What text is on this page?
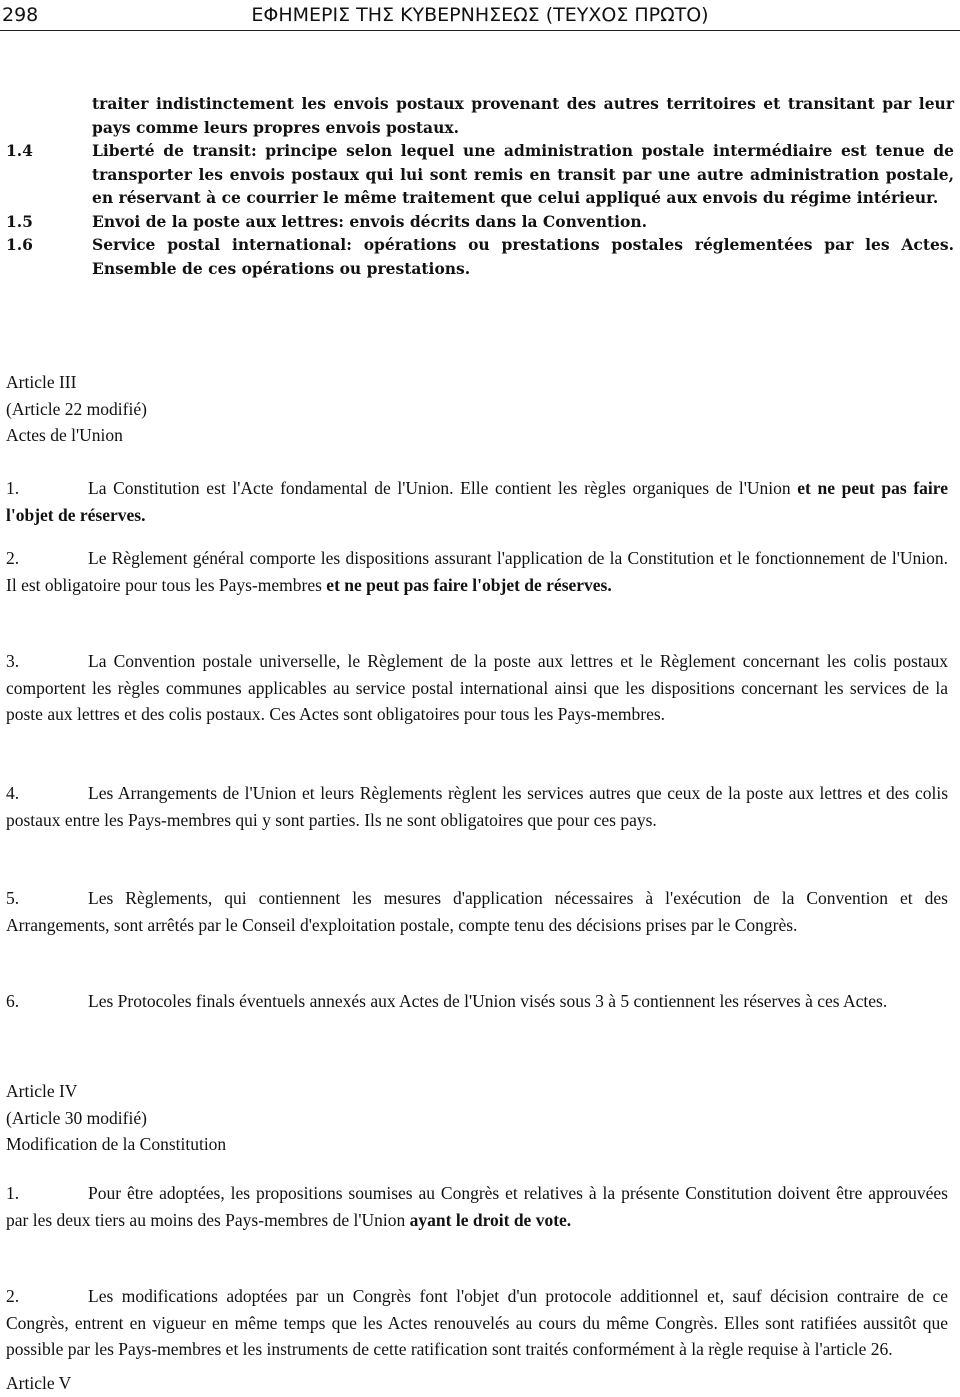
298	ΕΦΗΜΕΡΙΣ ΤΗΣ ΚΥΒΕΡΝΗΣΕΩΣ (ΤΕΥΧΟΣ ΠΡΩΤΟ)
traiter indistinctement les envois postaux provenant des autres territoires et transitant par leur pays comme leurs propres envois postaux.
1.4	Liberté de transit: principe selon lequel une administration postale intermédiaire est tenue de transporter les envois postaux qui lui sont remis en transit par une autre administration postale, en réservant à ce courrier le même traitement que celui appliqué aux envois du régime intérieur.
1.5	Envoi de la poste aux lettres: envois décrits dans la Convention.
1.6	Service postal international: opérations ou prestations postales réglementées par les Actes. Ensemble de ces opérations ou prestations.
Article III
(Article 22 modifié)
Actes de l'Union
1.	La Constitution est l'Acte fondamental de l'Union. Elle contient les règles organiques de l'Union et ne peut pas faire l'objet de réserves.
2.	Le Règlement général comporte les dispositions assurant l'application de la Constitution et le fonctionnement de l'Union. Il est obligatoire pour tous les Pays-membres et ne peut pas faire l'objet de réserves.
3.	La Convention postale universelle, le Règlement de la poste aux lettres et le Règlement concernant les colis postaux comportent les règles communes applicables au service postal international ainsi que les dispositions concernant les services de la poste aux lettres et des colis postaux. Ces Actes sont obligatoires pour tous les Pays-membres.
4.	Les Arrangements de l'Union et leurs Règlements règlent les services autres que ceux de la poste aux lettres et des colis postaux entre les Pays-membres qui y sont parties. Ils ne sont obligatoires que pour ces pays.
5.	Les Règlements, qui contiennent les mesures d'application nécessaires à l'exécution de la Convention et des Arrangements, sont arrêtés par le Conseil d'exploitation postale, compte tenu des décisions prises par le Congrès.
6.	Les Protocoles finals éventuels annexés aux Actes de l'Union visés sous 3 à 5 contiennent les réserves à ces Actes.
Article IV
(Article 30 modifié)
Modification de la Constitution
1.	Pour être adoptées, les propositions soumises au Congrès et relatives à la présente Constitution doivent être approuvées par les deux tiers au moins des Pays-membres de l'Union ayant le droit de vote.
2.	Les modifications adoptées par un Congrès font l'objet d'un protocole additionnel et, sauf décision contraire de ce Congrès, entrent en vigueur en même temps que les Actes renouvelés au cours du même Congrès. Elles sont ratifiées aussitôt que possible par les Pays-membres et les instruments de cette ratification sont traités conformément à la règle requise à l'article 26.
Article V
